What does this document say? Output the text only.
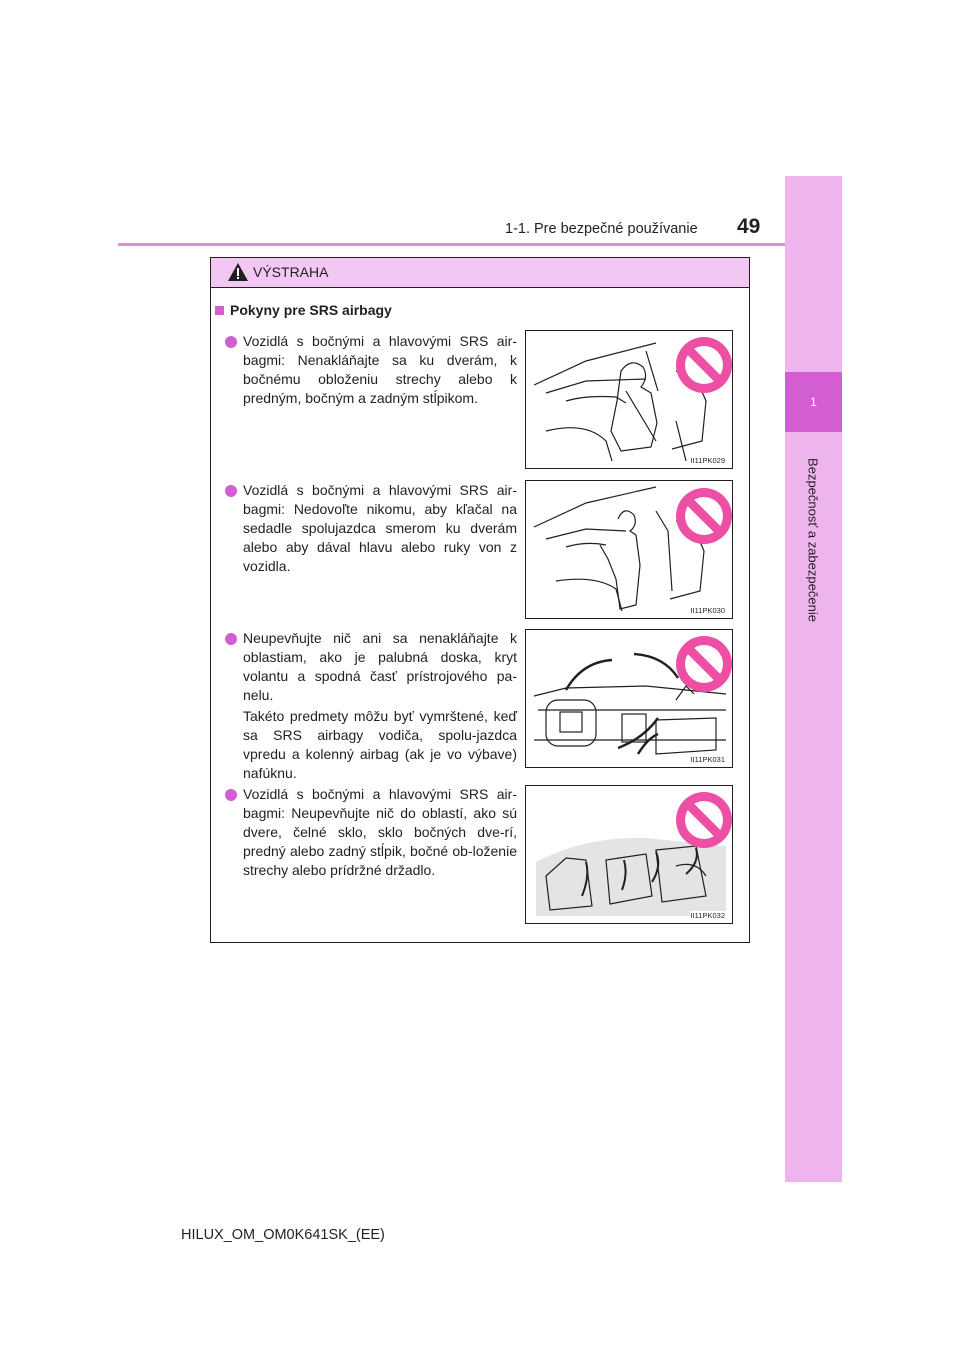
1-1. Pre bezpečné používanie 49
1
Bezpečnosť a zabezpečenie
VÝSTRAHA
Pokyny pre SRS airbagy
Vozidlá s bočnými a hlavovými SRS air-bagmi: Nenakláňajte sa ku dverám, k bočnému obloženiu strechy alebo k predným, bočným a zadným stĺpikom.
II11PK029
Vozidlá s bočnými a hlavovými SRS air-bagmi: Nedovoľte nikomu, aby kľačal na sedadle spolujazdca smerom ku dverám alebo aby dával hlavu alebo ruky von z vozidla.
II11PK030
Neupevňujte nič ani sa nenakláňajte k oblastiam, ako je palubná doska, kryt volantu a spodná časť prístrojového pa-nelu.
Takéto predmety môžu byť vymrštené, keď sa SRS airbagy vodiča, spolu-jazdca vpredu a kolenný airbag (ak je vo výbave) nafúknu.
II11PK031
Vozidlá s bočnými a hlavovými SRS air-bagmi: Neupevňujte nič do oblastí, ako sú dvere, čelné sklo, sklo bočných dve-rí, predný alebo zadný stĺpik, bočné ob-loženie strechy alebo prídržné držadlo.
II11PK032
HILUX_OM_OM0K641SK_(EE)
